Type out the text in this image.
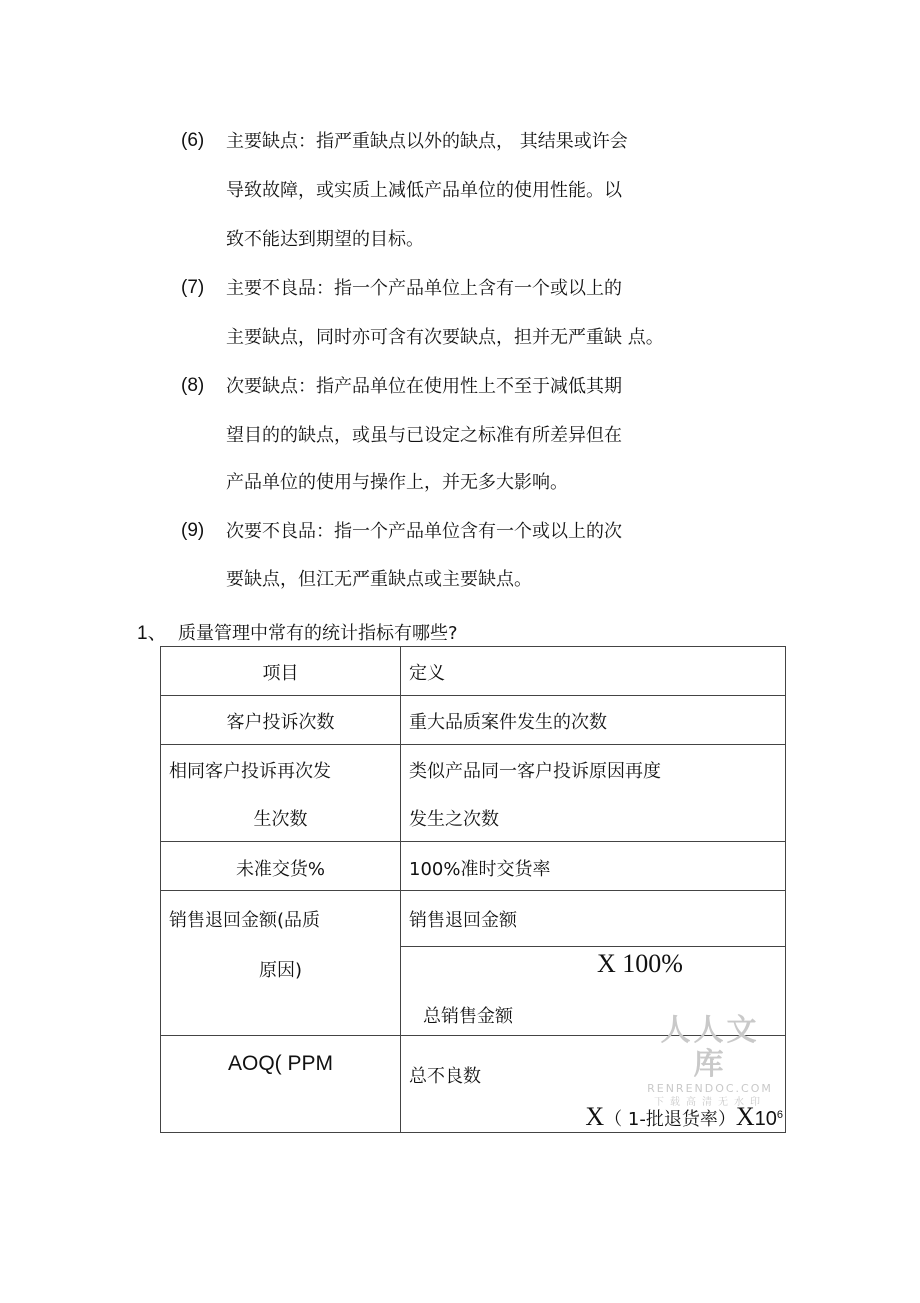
(6) 主要缺点：指严重缺点以外的缺点， 其结果或许会
导致故障，或实质上减低产品单位的使用性能。以
致不能达到期望的目标。
(7) 主要不良品：指一个产品单位上含有一个或以上的
主要缺点，同时亦可含有次要缺点，担并无严重缺 点。
(8) 次要缺点：指产品单位在使用性上不至于减低其期
望目的的缺点，或虽与已设定之标准有所差异但在
产品单位的使用与操作上，并无多大影响。
(9) 次要不良品：指一个产品单位含有一个或以上的次
要缺点，但江无严重缺点或主要缺点。
1、 质量管理中常有的统计指标有哪些?
项目	定义

客户投诉次数	重大品质案件发生的次数

相同客户投诉再次发
生次数	类似产品同一客户投诉原因再度
发生之次数

未准交货%	100%准时交货率

销售退回金额(品质
原因)	销售退回金额

	X 100%
总销售金额

AOQ( PPM	总不良数
X（ 1-批退货率）$X10^6$
人人文库
RENRENDOC.COM
下载高清无水印
